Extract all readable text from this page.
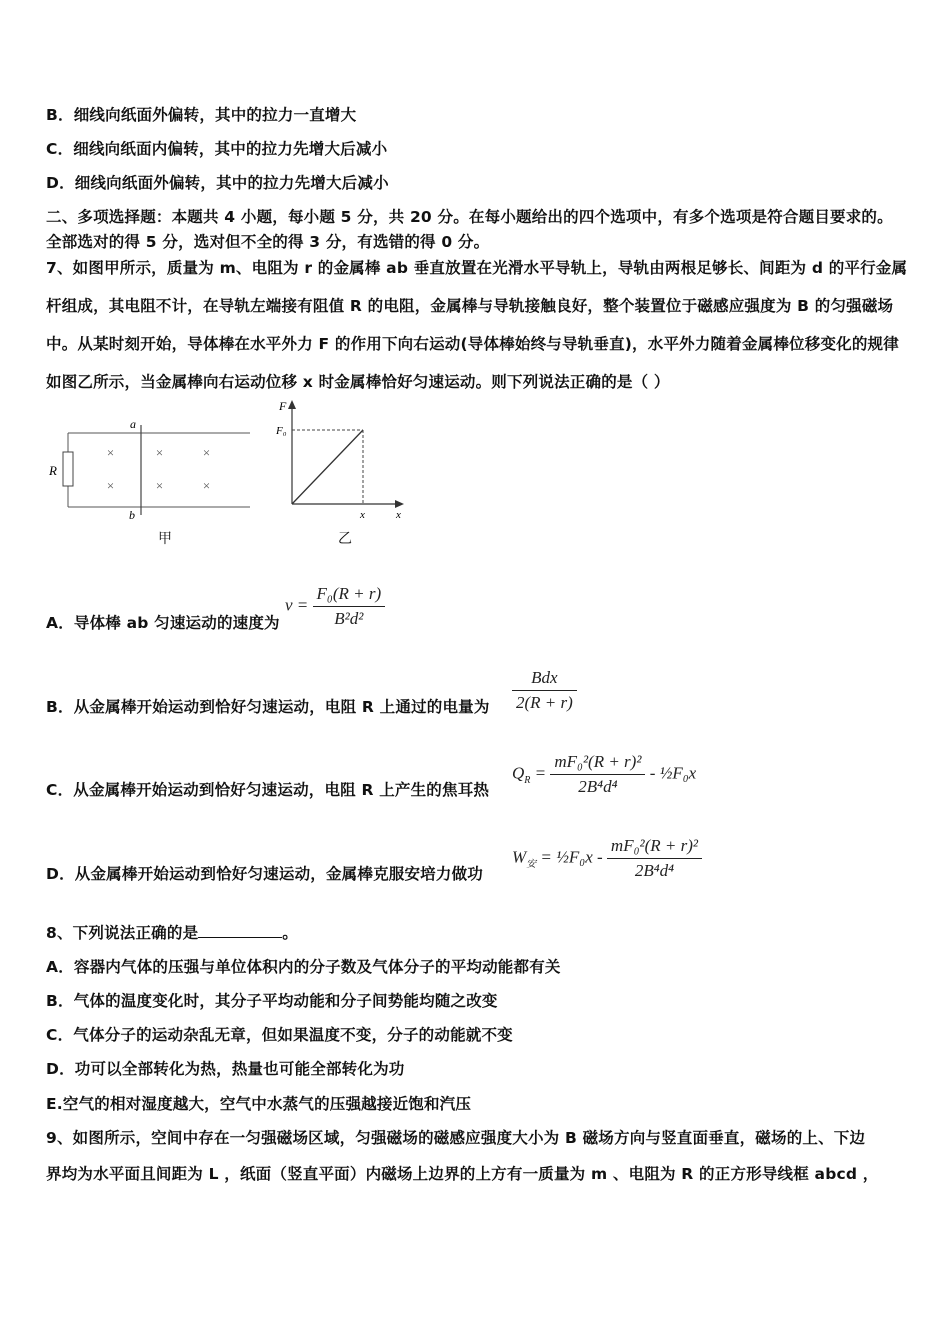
B．细线向纸面外偏转，其中的拉力一直增大
C．细线向纸面内偏转，其中的拉力先增大后减小
D．细线向纸面外偏转，其中的拉力先增大后减小
二、多项选择题：本题共 4 小题，每小题 5 分，共 20 分。在每小题给出的四个选项中，有多个选项是符合题目要求的。
全部选对的得 5 分，选对但不全的得 3 分，有选错的得 0 分。
7、如图甲所示，质量为 m、电阻为 r 的金属棒 ab 垂直放置在光滑水平导轨上，导轨由两根足够长、间距为 d 的平行金属杆组成，其电阻不计，在导轨左端接有阻值 R 的电阻，金属棒与导轨接触良好，整个装置位于磁感应强度为 B 的匀强磁场中。从某时刻开始，导体棒在水平外力 F 的作用下向右运动(导体棒始终与导轨垂直)，水平外力随着金属棒位移变化的规律如图乙所示，当金属棒向右运动位移 x 时金属棒恰好匀速运动。则下列说法正确的是（ ）
R
a
b
×	×	×
×	×	×
甲
F
F₀
x	x
乙
A．导体棒 ab 匀速运动的速度为
$v = \frac{\text{F₀(R + r)}}{\text{B²d²}}$
B．从金属棒开始运动到恰好匀速运动，电阻 R 上通过的电量为 $\frac{\text{Bdx}}{2(R + r)}$
C．从金属棒开始运动到恰好匀速运动，电阻 R 上产生的焦耳热
$Q_R = \frac{\text{mF₀²(R + r)²}}{\text{2B⁴d⁴}}$ - ½F₀x
D．从金属棒开始运动到恰好匀速运动，金属棒克服安培力做功
$W_安$ = ½F₀x - $\frac{\text{mF₀²(R + r)²}}{\text{2B⁴d⁴}}$
8、下列说法正确的是	。
A．容器内气体的压强与单位体积内的分子数及气体分子的平均动能都有关
B．气体的温度变化时，其分子平均动能和分子间势能均随之改变
C．气体分子的运动杂乱无章，但如果温度不变，分子的动能就不变
D．功可以全部转化为热，热量也可能全部转化为功
E.空气的相对湿度越大，空气中水蒸气的压强越接近饱和汽压
9、如图所示，空间中存在一匀强磁场区域，匀强磁场的磁感应强度大小为 B 磁场方向与竖直面垂直，磁场的上、下边
界均为水平面且间距为 L ，纸面（竖直平面）内磁场上边界的上方有一质量为 m 、电阻为 R 的正方形导线框 abcd ，
